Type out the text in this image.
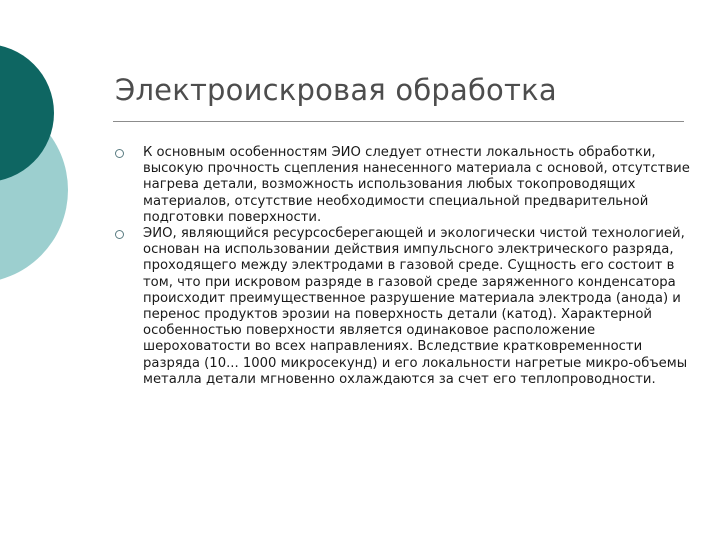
Электроискровая обработка
К основным особенностям ЭИО следует отнести локальность обработки, высокую прочность сцепления нанесенного материала с основой, отсутствие нагрева детали, возможность использования любых токопроводящих материалов, отсутствие необходимости специальной предварительной подготовки поверхности.
ЭИО, являющийся ресурсосберегающей и экологически чистой технологией, основан на использовании действия импульсного электрического разряда, проходящего между электродами в газовой среде. Сущность его состоит в том, что при искровом разряде в газовой среде заряженного конденсатора происходит преимущественное разрушение материала электрода (анода) и перенос продуктов эрозии на поверхность детали (катод). Характерной особенностью поверхности является одинаковое расположение шероховатости во всех направлениях. Вследствие кратковременности разряда (10... 1000 микросекунд) и его локальности нагретые микро-объемы металла детали мгновенно охлаждаются за счет его теплопроводности.
